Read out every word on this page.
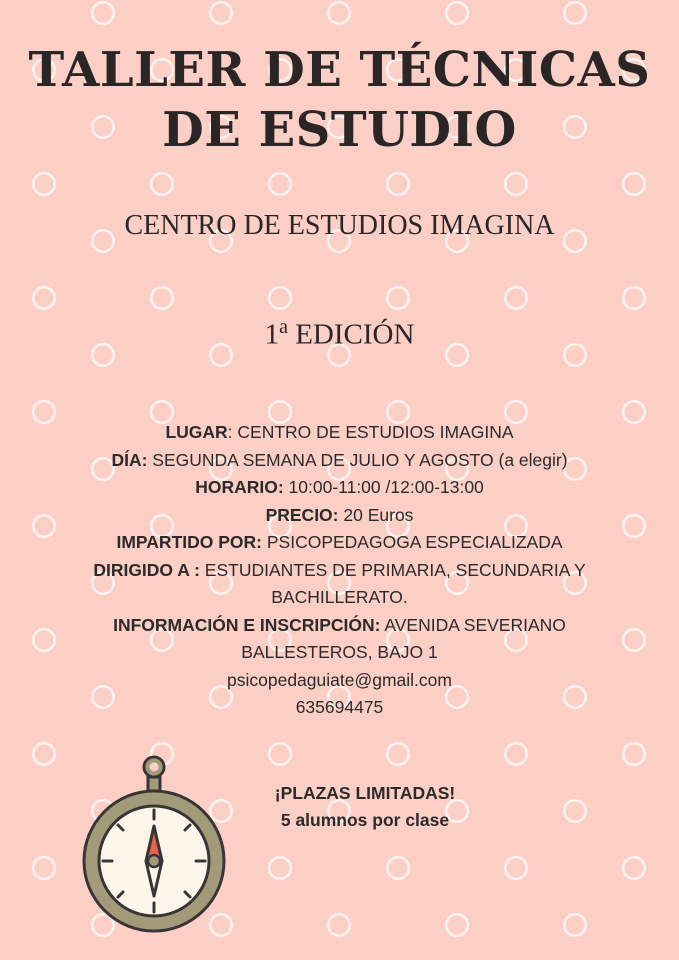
TALLER DE TÉCNICAS
DE ESTUDIO
CENTRO DE ESTUDIOS IMAGINA
1$^a$ EDICIÓN
LUGAR: CENTRO DE ESTUDIOS IMAGINA
DÍA: SEGUNDA SEMANA DE JULIO Y AGOSTO (a elegir)
HORARIO: 10:00-11:00 /12:00-13:00
PRECIO: 20 Euros
IMPARTIDO POR: PSICOPEDAGOGA ESPECIALIZADA
DIRIGIDO A : ESTUDIANTES DE PRIMARIA, SECUNDARIA Y
BACHILLERATO.
INFORMACIÓN E INSCRIPCIÓN: AVENIDA SEVERIANO
BALLESTEROS, BAJO 1
psicopedaguiate@gmail.com
635694475
¡PLAZAS LIMITADAS!
5 alumnos por clase
